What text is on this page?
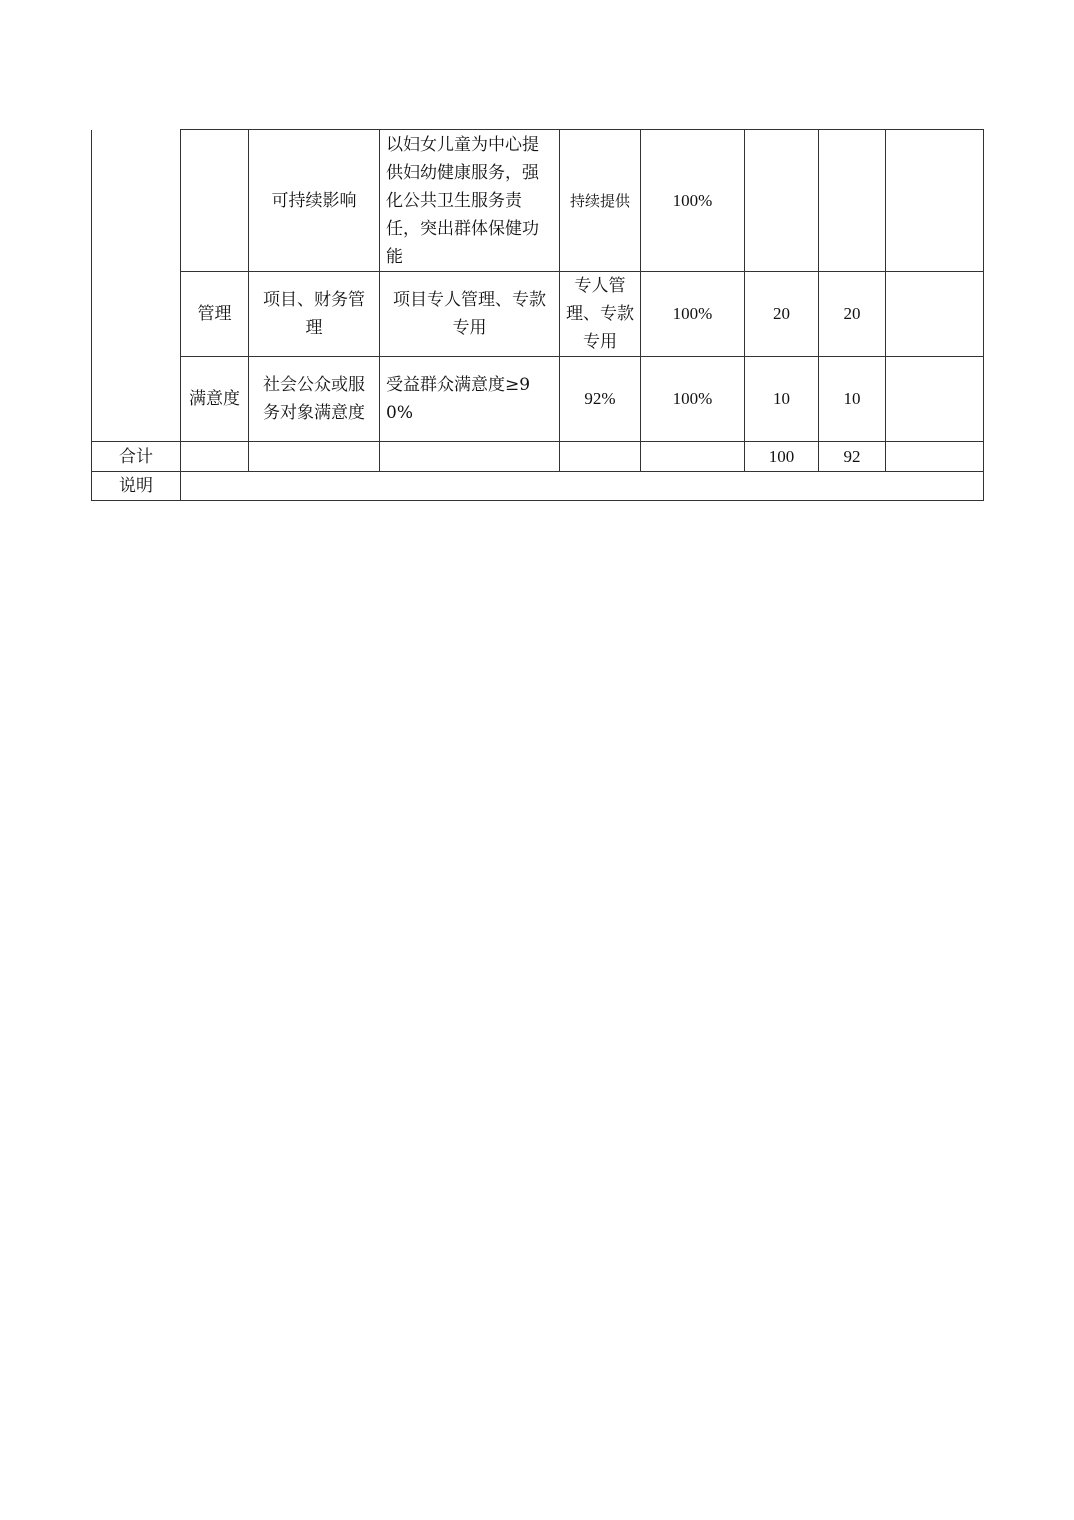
		可持续影响	以妇女儿童为中心提供妇幼健康服务，强化公共卫生服务责任，突出群体保健功能	持续提供	100%			
	管理	项目、财务管理	项目专人管理、专款专用	专人管理、专款专用	100%	20	20	
	满意度	社会公众或服务对象满意度	受益群众满意度≥90%	92%	100%	10	10	
合计						100	92	
说明								
